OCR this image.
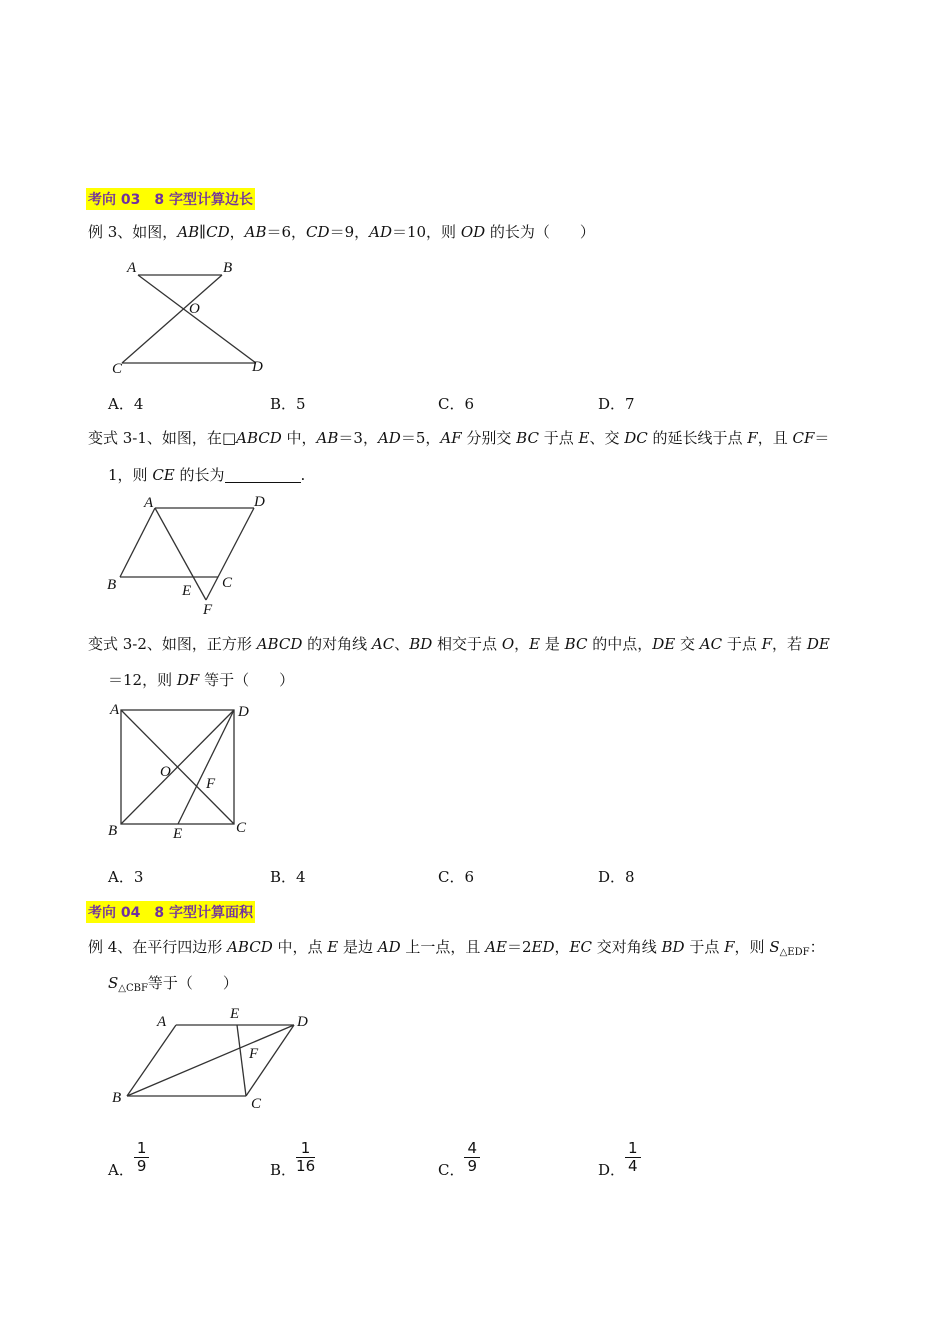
考向 03　8 字型计算边长
例 3、如图，AB∥CD，AB＝6，CD＝9，AD＝10，则 OD 的长为（　　）
A	B
O
C	D
A．4	B．5	C．6	D．7
变式 3-1、如图，在□ABCD 中，AB＝3，AD＝5，AF 分别交 BC 于点 E、交 DC 的延长线于点 F，且 CF＝
1，则 CE 的长为	.
A	D
B	E C
F
变式 3-2、如图，正方形 ABCD 的对角线 AC、BD 相交于点 O，E 是 BC 的中点，DE 交 AC 于点 F，若 DE
＝12，则 DF 等于（　　）
A	D
O
F
B	E	C
A．3	B．4	C．6	D．8
考向 04　8 字型计算面积
例 4、在平行四边形 ABCD 中，点 E 是边 AD 上一点，且 AE＝2ED，EC 交对角线 BD 于点 F，则 $S_{\triangle EDF}$：
$S_{\triangle CBF}$等于（　　）
A	E	D
F
B	C
A． $\frac{1}{9}$	B． $\frac{1}{16}$	C． $\frac{4}{9}$	D． $\frac{1}{4}$
